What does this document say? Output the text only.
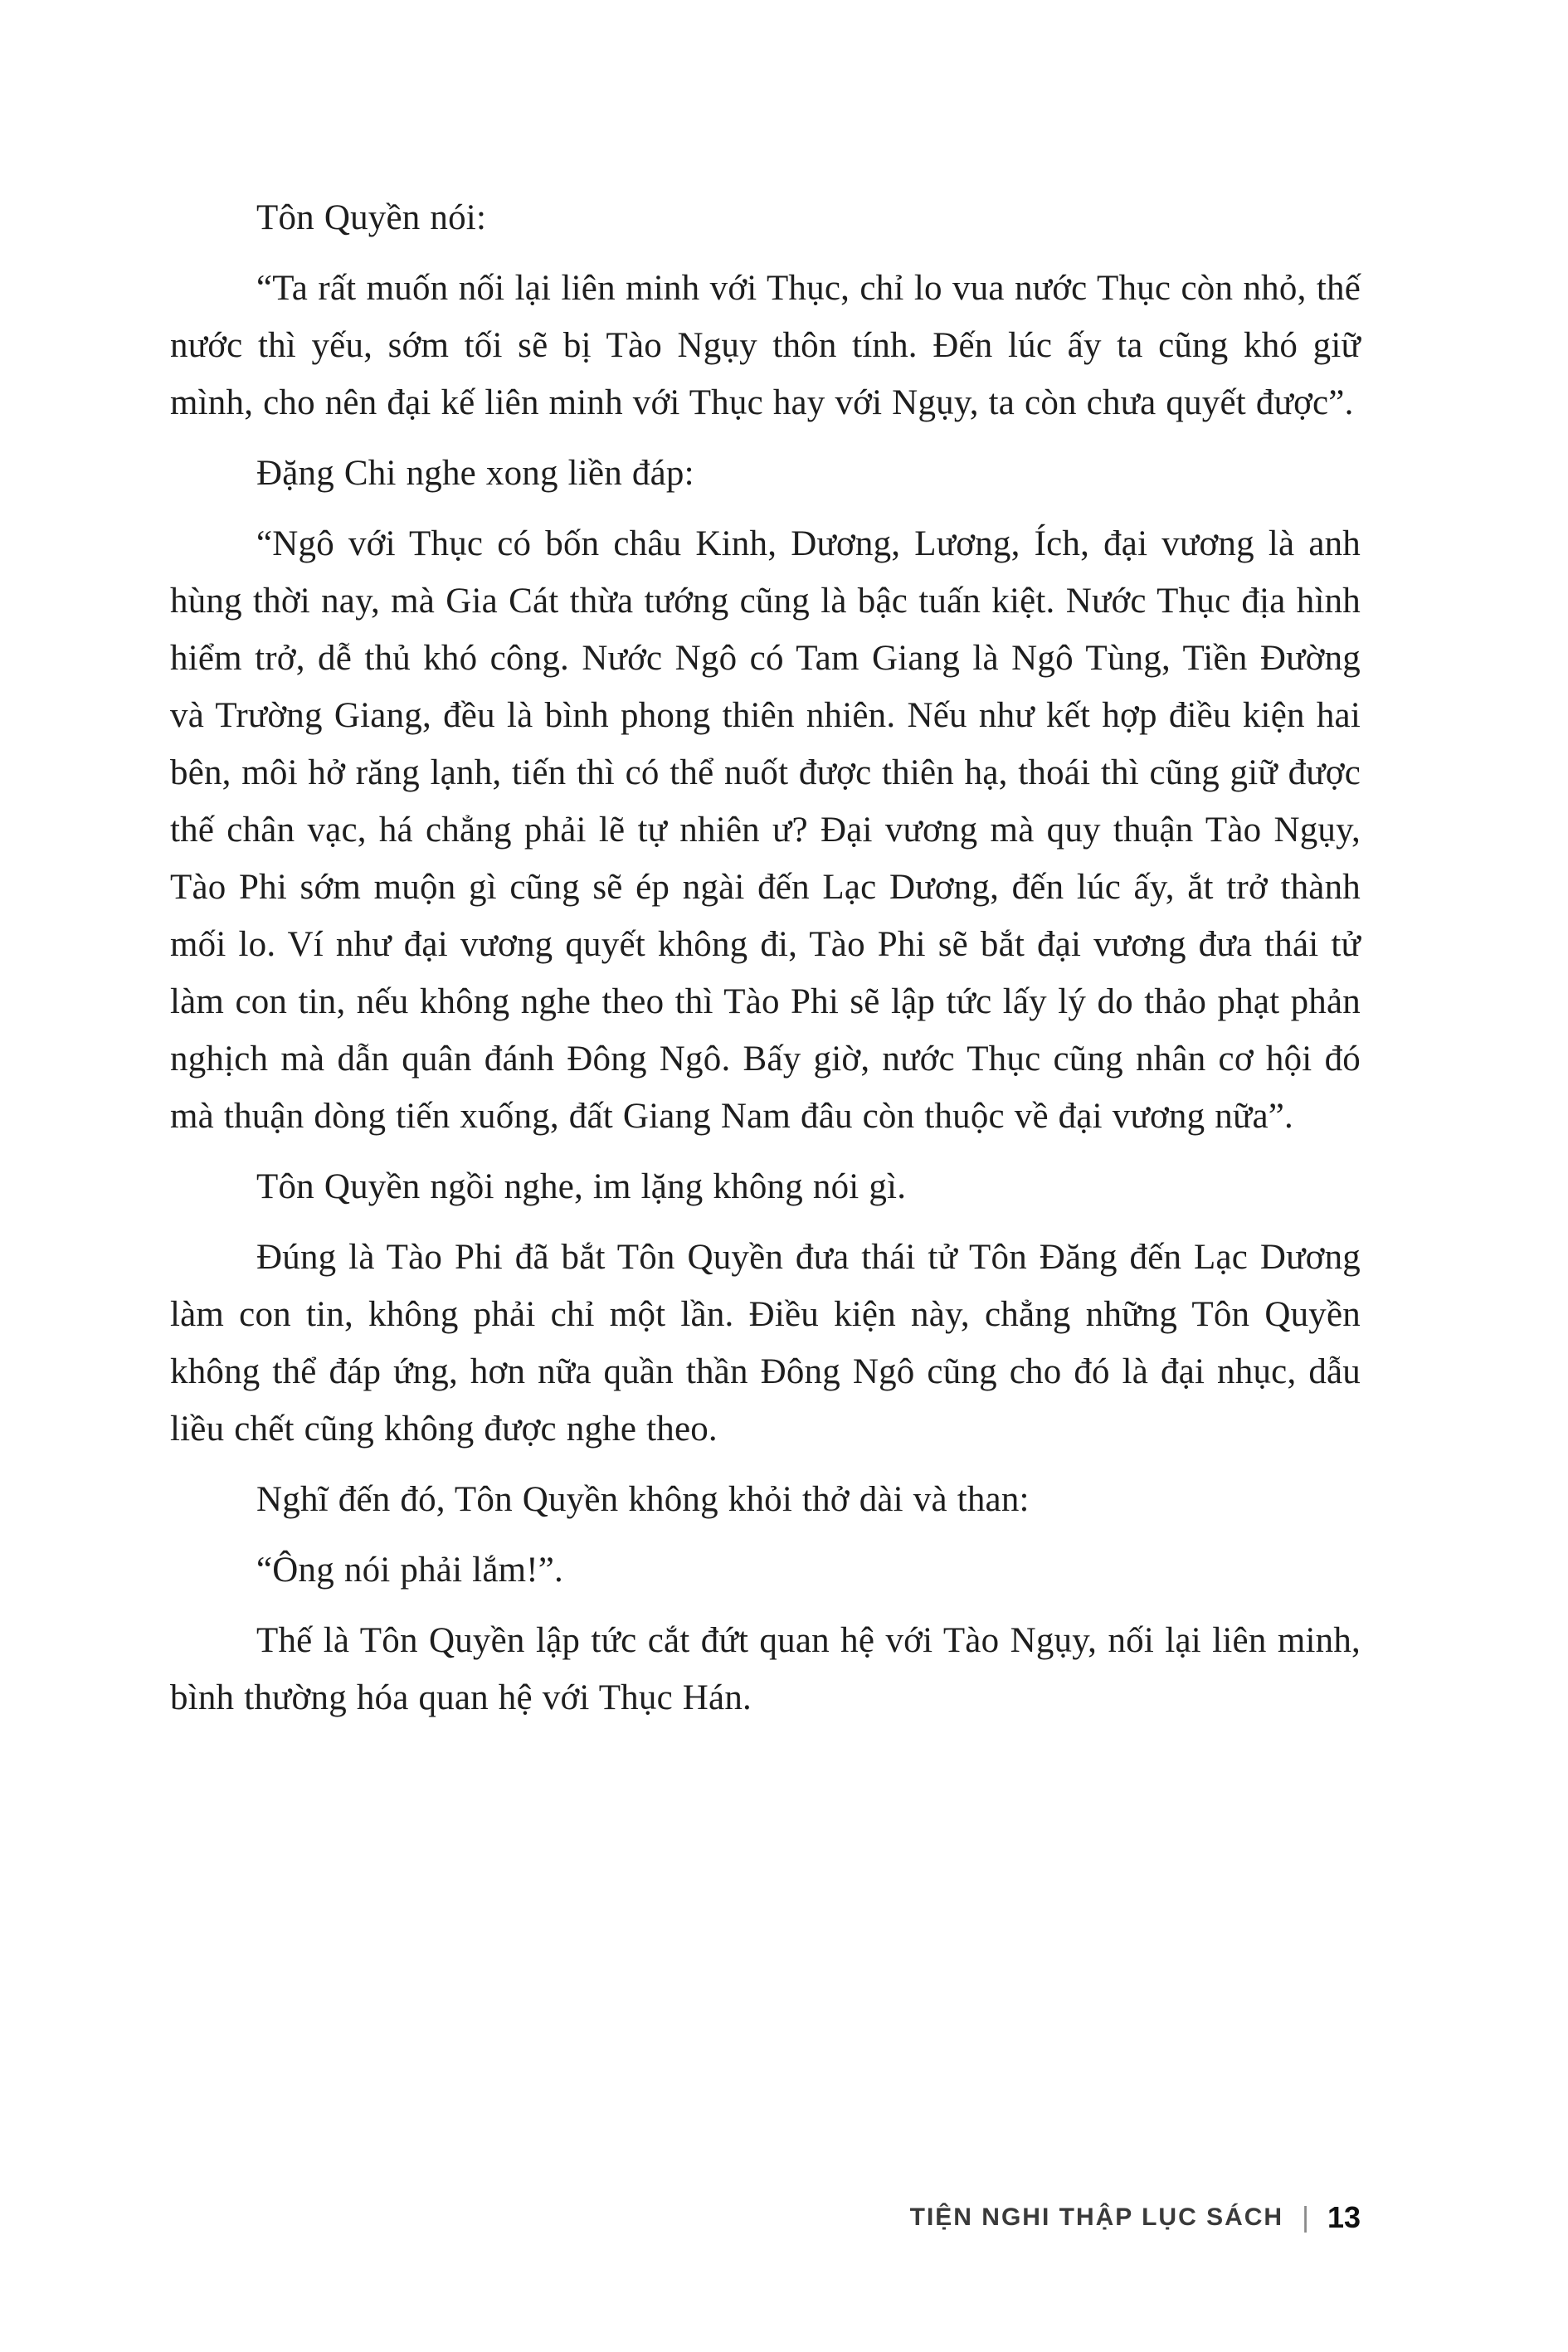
Tôn Quyền nói:

“Ta rất muốn nối lại liên minh với Thục, chỉ lo vua nước Thục còn nhỏ, thế nước thì yếu, sớm tối sẽ bị Tào Ngụy thôn tính. Đến lúc ấy ta cũng khó giữ mình, cho nên đại kế liên minh với Thục hay với Ngụy, ta còn chưa quyết được”.

Đặng Chi nghe xong liền đáp:

“Ngô với Thục có bốn châu Kinh, Dương, Lương, Ích, đại vương là anh hùng thời nay, mà Gia Cát thừa tướng cũng là bậc tuấn kiệt. Nước Thục địa hình hiểm trở, dễ thủ khó công. Nước Ngô có Tam Giang là Ngô Tùng, Tiền Đường và Trường Giang, đều là bình phong thiên nhiên. Nếu như kết hợp điều kiện hai bên, môi hở răng lạnh, tiến thì có thể nuốt được thiên hạ, thoái thì cũng giữ được thế chân vạc, há chẳng phải lẽ tự nhiên ư? Đại vương mà quy thuận Tào Ngụy, Tào Phi sớm muộn gì cũng sẽ ép ngài đến Lạc Dương, đến lúc ấy, ắt trở thành mối lo. Ví như đại vương quyết không đi, Tào Phi sẽ bắt đại vương đưa thái tử làm con tin, nếu không nghe theo thì Tào Phi sẽ lập tức lấy lý do thảo phạt phản nghịch mà dẫn quân đánh Đông Ngô. Bấy giờ, nước Thục cũng nhân cơ hội đó mà thuận dòng tiến xuống, đất Giang Nam đâu còn thuộc về đại vương nữa”.

Tôn Quyền ngồi nghe, im lặng không nói gì.

Đúng là Tào Phi đã bắt Tôn Quyền đưa thái tử Tôn Đăng đến Lạc Dương làm con tin, không phải chỉ một lần. Điều kiện này, chẳng những Tôn Quyền không thể đáp ứng, hơn nữa quần thần Đông Ngô cũng cho đó là đại nhục, dẫu liều chết cũng không được nghe theo.

Nghĩ đến đó, Tôn Quyền không khỏi thở dài và than:

“Ông nói phải lắm!”.

Thế là Tôn Quyền lập tức cắt đứt quan hệ với Tào Ngụy, nối lại liên minh, bình thường hóa quan hệ với Thục Hán.

TIỆN NGHI THẬP LỤC SÁCH | 13
